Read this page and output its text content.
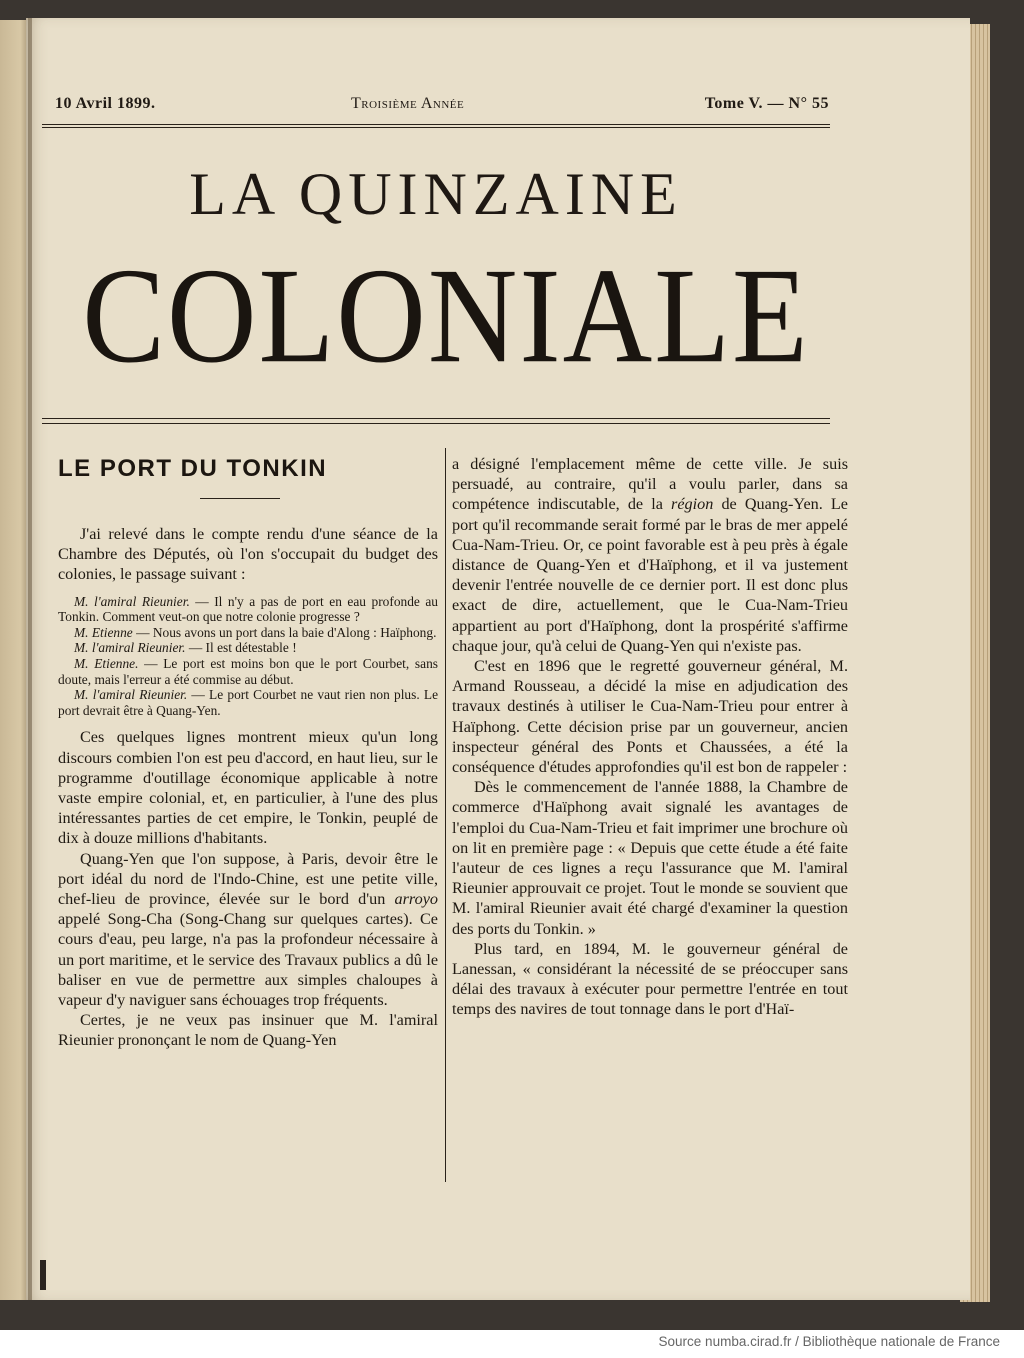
10 Avril 1899.	Troisième Année	Tome V. — N° 55
LA QUINZAINE
COLONIALE
LE PORT DU TONKIN

J'ai relevé dans le compte rendu d'une séance de la Chambre des Députés, où l'on s'occupait du budget des colonies, le passage suivant :

M. l'amiral Rieunier. — Il n'y a pas de port en eau profonde au Tonkin. Comment veut-on que notre colonie progresse ?

M. Etienne — Nous avons un port dans la baie d'Along : Haïphong.

M. l'amiral Rieunier. — Il est détestable !

M. Etienne. — Le port est moins bon que le port Courbet, sans doute, mais l'erreur a été commise au début.

M. l'amiral Rieunier. — Le port Courbet ne vaut rien non plus. Le port devrait être à Quang-Yen.

Ces quelques lignes montrent mieux qu'un long discours combien l'on est peu d'accord, en haut lieu, sur le programme d'outillage économique applicable à notre vaste empire colonial, et, en particulier, à l'une des plus intéressantes parties de cet empire, le Tonkin, peuplé de dix à douze millions d'habitants.

Quang-Yen que l'on suppose, à Paris, devoir être le port idéal du nord de l'Indo-Chine, est une petite ville, chef-lieu de province, élevée sur le bord d'un arroyo appelé Song-Cha (Song-Chang sur quelques cartes). Ce cours d'eau, peu large, n'a pas la profondeur nécessaire à un port maritime, et le service des Travaux publics a dû le baliser en vue de permettre aux simples chaloupes à vapeur d'y naviguer sans échouages trop fréquents.

Certes, je ne veux pas insinuer que M. l'amiral Rieunier prononçant le nom de Quang-Yen

a désigné l'emplacement même de cette ville. Je suis persuadé, au contraire, qu'il a voulu parler, dans sa compétence indiscutable, de la région de Quang-Yen. Le port qu'il recommande serait formé par le bras de mer appelé Cua-Nam-Trieu. Or, ce point favorable est à peu près à égale distance de Quang-Yen et d'Haïphong, et il va justement devenir l'entrée nouvelle de ce dernier port. Il est donc plus exact de dire, actuellement, que le Cua-Nam-Trieu appartient au port d'Haïphong, dont la prospérité s'affirme chaque jour, qu'à celui de Quang-Yen qui n'existe pas.

C'est en 1896 que le regretté gouverneur général, M. Armand Rousseau, a décidé la mise en adjudication des travaux destinés à utiliser le Cua-Nam-Trieu pour entrer à Haïphong. Cette décision prise par un gouverneur, ancien inspecteur général des Ponts et Chaussées, a été la conséquence d'études approfondies qu'il est bon de rappeler :

Dès le commencement de l'année 1888, la Chambre de commerce d'Haïphong avait signalé les avantages de l'emploi du Cua-Nam-Trieu et fait imprimer une brochure où on lit en première page : « Depuis que cette étude a été faite l'auteur de ces lignes a reçu l'assurance que M. l'amiral Rieunier approuvait ce projet. Tout le monde se souvient que M. l'amiral Rieunier avait été chargé d'examiner la question des ports du Tonkin. »

Plus tard, en 1894, M. le gouverneur général de Lanessan, « considérant la nécessité de se préoccuper sans délai des travaux à exécuter pour permettre l'entrée en tout temps des navires de tout tonnage dans le port d'Haï-

Source numba.cirad.fr / Bibliothèque nationale de France
